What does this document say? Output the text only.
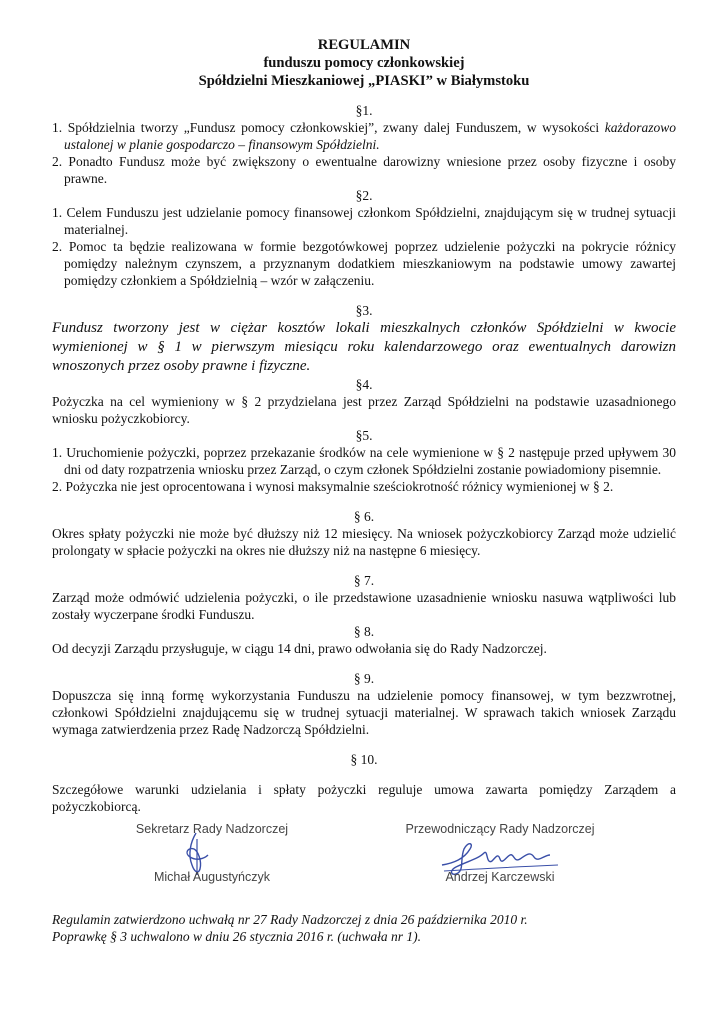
REGULAMIN
funduszu pomocy członkowskiej
Spółdzielni Mieszkaniowej „PIASKI” w Białymstoku
§1.

1. Spółdzielnia tworzy „Fundusz pomocy członkowskiej”, zwany dalej Funduszem, w wysokości każdorazowo ustalonej w planie gospodarczo – finansowym Spółdzielni.

2. Ponadto Fundusz może być zwiększony o ewentualne darowizny wniesione przez osoby fizyczne i osoby prawne.

§2.

1. Celem Funduszu jest udzielanie pomocy finansowej członkom Spółdzielni, znajdującym się w trudnej sytuacji materialnej.

2. Pomoc ta będzie realizowana w formie bezgotówkowej poprzez udzielenie pożyczki na pokrycie różnicy pomiędzy należnym czynszem, a przyznanym dodatkiem mieszkaniowym na podstawie umowy zawartej pomiędzy członkiem a Spółdzielnią – wzór w załączeniu.

§3.

Fundusz tworzony jest w ciężar kosztów lokali mieszkalnych członków Spółdzielni w kwocie wymienionej w § 1 w pierwszym miesiącu roku kalendarzowego oraz ewentualnych darowizn wnoszonych przez osoby prawne i fizyczne.

§4.

Pożyczka na cel wymieniony w § 2 przydzielana jest przez Zarząd Spółdzielni na podstawie uzasadnionego wniosku pożyczkobiorcy.

§5.

1. Uruchomienie pożyczki, poprzez przekazanie środków na cele wymienione w § 2 następuje przed upływem 30 dni od daty rozpatrzenia wniosku przez Zarząd, o czym członek Spółdzielni zostanie powiadomiony pisemnie.

2. Pożyczka nie jest oprocentowana i wynosi maksymalnie sześciokrotność różnicy wymienionej w § 2.

§ 6.

Okres spłaty pożyczki nie może być dłuższy niż 12 miesięcy. Na wniosek pożyczkobiorcy Zarząd może udzielić prolongaty w spłacie pożyczki na okres nie dłuższy niż na następne 6 miesięcy.

§ 7.

Zarząd może odmówić udzielenia pożyczki, o ile przedstawione uzasadnienie wniosku nasuwa wątpliwości lub zostały wyczerpane środki Funduszu.

§ 8.

Od decyzji Zarządu przysługuje, w ciągu 14 dni, prawo odwołania się do Rady Nadzorczej.

§ 9.

Dopuszcza się inną formę wykorzystania Funduszu na udzielenie pomocy finansowej, w tym bezzwrotnej, członkowi Spółdzielni znajdującemu się w trudnej sytuacji materialnej. W sprawach takich wniosek Zarządu wymaga zatwierdzenia przez Radę Nadzorczą Spółdzielni.

§ 10.

Szczegółowe warunki udzielania i spłaty pożyczki reguluje umowa zawarta pomiędzy Zarządem a pożyczkobiorcą.

Sekretarz Rady Nadzorczej
Michał Augustyńczyk
Przewodniczący Rady Nadzorczej
Andrzej Karczewski
Regulamin zatwierdzono uchwałą nr 27 Rady Nadzorczej z dnia 26 października 2010 r.
Poprawkę § 3 uchwalono w dniu 26 stycznia 2016 r. (uchwała nr 1).
